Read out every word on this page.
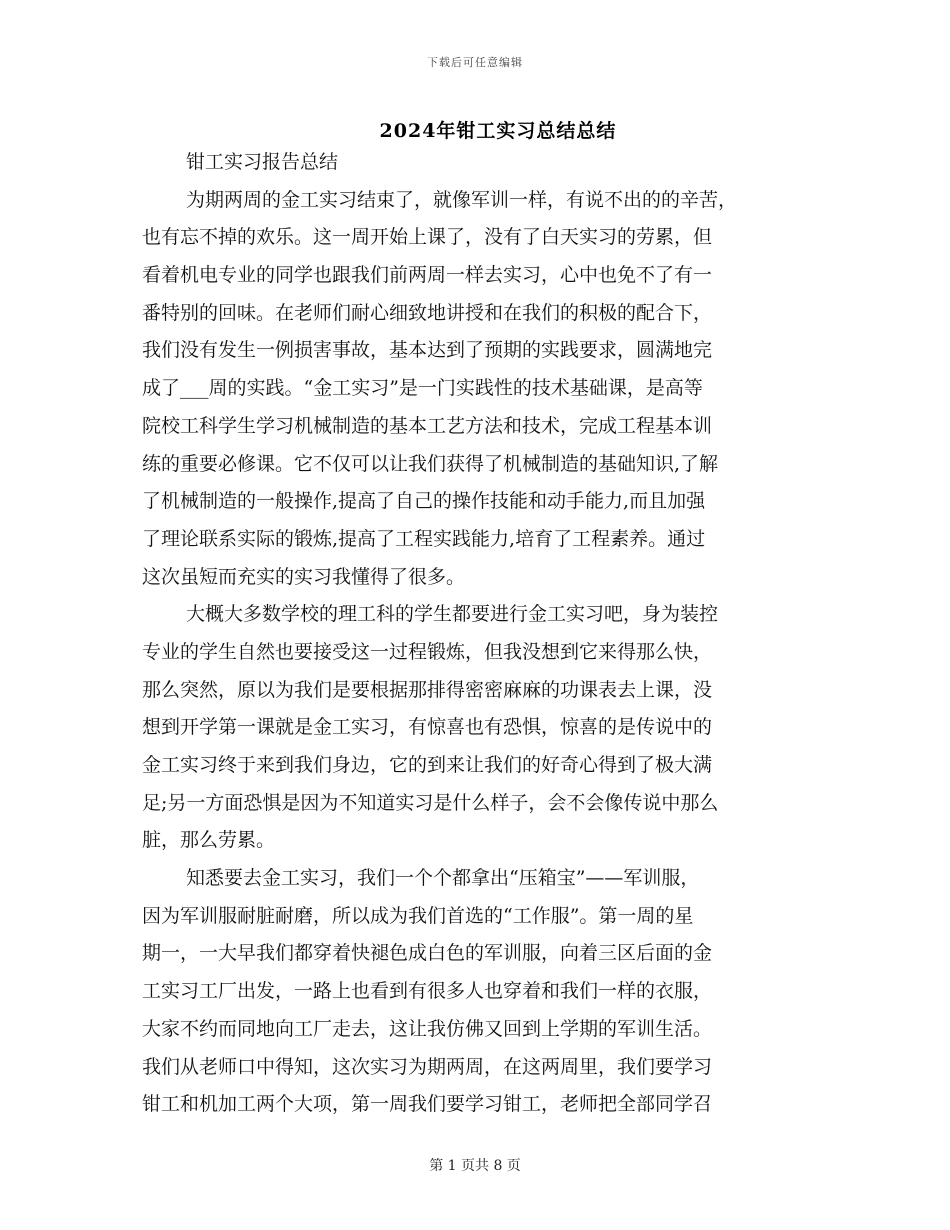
下载后可任意编辑
2024年钳工实习总结总结
钳工实习报告总结
为期两周的金工实习结束了，就像军训一样，有说不出的的辛苦，
也有忘不掉的欢乐。这一周开始上课了，没有了白天实习的劳累，但
看着机电专业的同学也跟我们前两周一样去实习，心中也免不了有一
番特别的回味。在老师们耐心细致地讲授和在我们的积极的配合下，
我们没有发生一例损害事故，基本达到了预期的实践要求，圆满地完
成了___周的实践。“金工实习”是一门实践性的技术基础课，是高等
院校工科学生学习机械制造的基本工艺方法和技术，完成工程基本训
练的重要必修课。它不仅可以让我们获得了机械制造的基础知识,了解
了机械制造的一般操作,提高了自己的操作技能和动手能力,而且加强
了理论联系实际的锻炼,提高了工程实践能力,培育了工程素养。通过
这次虽短而充实的实习我懂得了很多。
大概大多数学校的理工科的学生都要进行金工实习吧，身为装控
专业的学生自然也要接受这一过程锻炼，但我没想到它来得那么快，
那么突然，原以为我们是要根据那排得密密麻麻的功课表去上课，没
想到开学第一课就是金工实习，有惊喜也有恐惧，惊喜的是传说中的
金工实习终于来到我们身边，它的到来让我们的好奇心得到了极大满
足;另一方面恐惧是因为不知道实习是什么样子，会不会像传说中那么
脏，那么劳累。
知悉要去金工实习，我们一个个都拿出“压箱宝”——军训服，
因为军训服耐脏耐磨，所以成为我们首选的“工作服”。第一周的星
期一，一大早我们都穿着快褪色成白色的军训服，向着三区后面的金
工实习工厂出发，一路上也看到有很多人也穿着和我们一样的衣服，
大家不约而同地向工厂走去，这让我仿佛又回到上学期的军训生活。
我们从老师口中得知，这次实习为期两周，在这两周里，我们要学习
钳工和机加工两个大项，第一周我们要学习钳工，老师把全部同学召
第 1 页共 8 页
